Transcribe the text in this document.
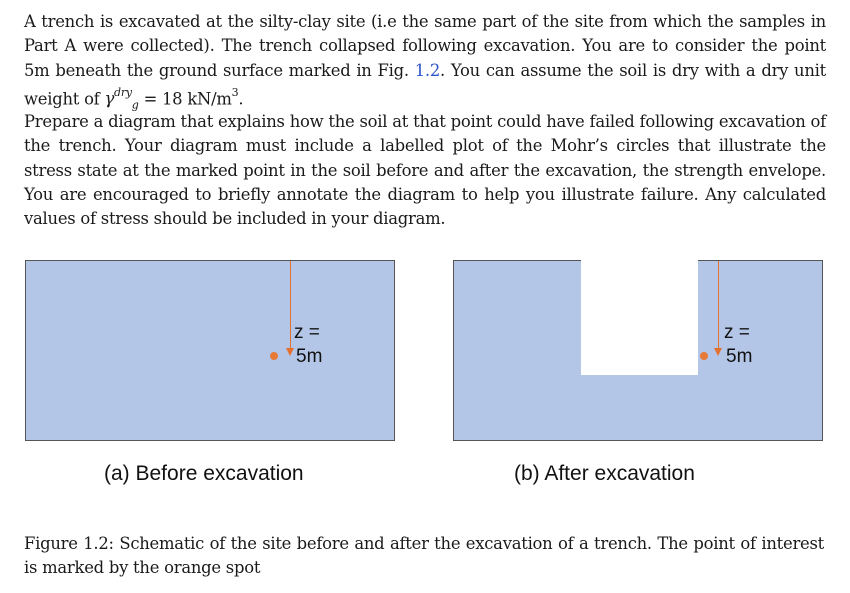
A trench is excavated at the silty-clay site (i.e the same part of the site from which the samples in Part A were collected). The trench collapsed following excavation. You are to consider the point 5m beneath the ground surface marked in Fig. 1.2. You can assume the soil is dry with a dry unit weight of $\gamma^{dry}_g = 18$ $kN/m^3$.
Prepare a diagram that explains how the soil at that point could have failed following excavation of the trench. Your diagram must include a labelled plot of the Mohr’s circles that illustrate the stress state at the marked point in the soil before and after the excavation, the strength envelope. You are encouraged to briefly annotate the diagram to help you illustrate failure. Any calculated values of stress should be included in your diagram.
z =
5m
z =
5m
(a) Before excavation	(b) After excavation
Figure 1.2: Schematic of the site before and after the excavation of a trench. The point of interest is marked by the orange spot
